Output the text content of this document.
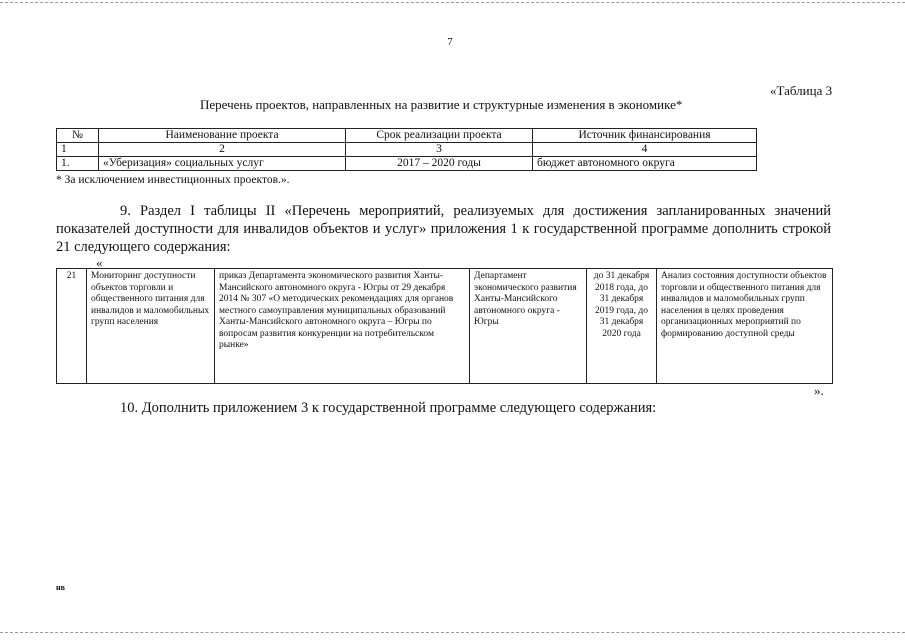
7
«Таблица 3
Перечень проектов, направленных на развитие и структурные изменения в экономике*
№	Наименование проекта	Срок реализации проекта	Источник финансирования
1	2	3	4
1.	«Уберизация» социальных услуг	2017 – 2020 годы	бюджет автономного округа
* За исключением инвестиционных проектов.».
9. Раздел I таблицы II «Перечень мероприятий, реализуемых для достижения запланированных значений показателей доступности для инвалидов объектов и услуг» приложения 1 к государственной программе дополнить строкой 21 следующего содержания:
«
21	Мониторинг доступности объектов торговли и общественного питания для инвалидов и маломобильных групп населения	приказ Департамента экономического развития Ханты-Мансийского автономного округа - Югры от 29 декабря 2014 № 307 «О методических рекомендациях для органов местного самоуправления муниципальных образований Ханты-Мансийского автономного округа – Югры по вопросам развития конкуренции на потребительском рынке»	Департамент экономического развития Ханты-Мансийского автономного округа - Югры	до 31 декабря 2018 года, до 31 декабря 2019 года, до 31 декабря 2020 года	Анализ состояния доступности объектов торговли и общественного питания для инвалидов и маломобильных групп населения в целях проведения организационных мероприятий по формированию доступной среды
».
10. Дополнить приложением 3 к государственной программе следующего содержания:
нв
